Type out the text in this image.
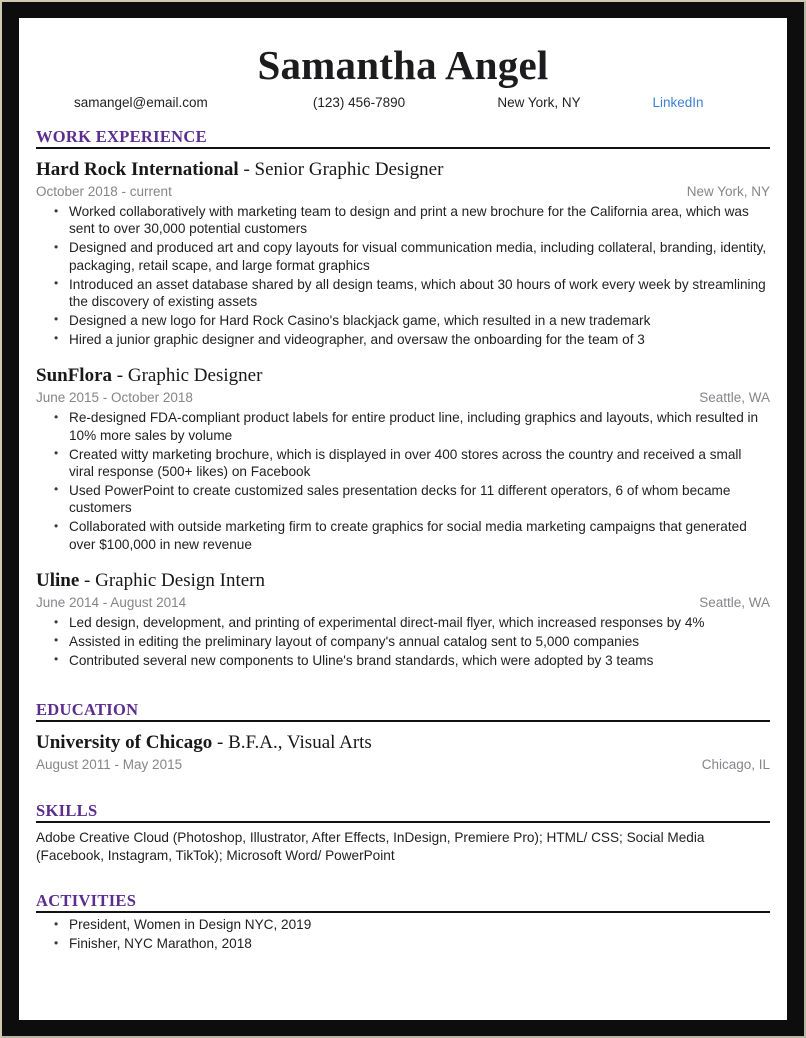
Samantha Angel
samangel@email.com	(123) 456-7890	New York, NY	LinkedIn
WORK EXPERIENCE
Hard Rock International - Senior Graphic Designer
October 2018 - current	New York, NY
• Worked collaboratively with marketing team to design and print a new brochure for the California area, which was sent to over 30,000 potential customers
• Designed and produced art and copy layouts for visual communication media, including collateral, branding, identity, packaging, retail scape, and large format graphics
• Introduced an asset database shared by all design teams, which about 30 hours of work every week by streamlining the discovery of existing assets
• Designed a new logo for Hard Rock Casino's blackjack game, which resulted in a new trademark
• Hired a junior graphic designer and videographer, and oversaw the onboarding for the team of 3
SunFlora - Graphic Designer
June 2015 - October 2018	Seattle, WA
• Re-designed FDA-compliant product labels for entire product line, including graphics and layouts, which resulted in 10% more sales by volume
• Created witty marketing brochure, which is displayed in over 400 stores across the country and received a small viral response (500+ likes) on Facebook
• Used PowerPoint to create customized sales presentation decks for 11 different operators, 6 of whom became customers
• Collaborated with outside marketing firm to create graphics for social media marketing campaigns that generated over $100,000 in new revenue
Uline - Graphic Design Intern
June 2014 - August 2014	Seattle, WA
• Led design, development, and printing of experimental direct-mail flyer, which increased responses by 4%
• Assisted in editing the preliminary layout of company's annual catalog sent to 5,000 companies
• Contributed several new components to Uline's brand standards, which were adopted by 3 teams
EDUCATION
University of Chicago - B.F.A., Visual Arts
August 2011 - May 2015	Chicago, IL
SKILLS
Adobe Creative Cloud (Photoshop, Illustrator, After Effects, InDesign, Premiere Pro); HTML/ CSS; Social Media (Facebook, Instagram, TikTok); Microsoft Word/ PowerPoint
ACTIVITIES
• President, Women in Design NYC, 2019
• Finisher, NYC Marathon, 2018
